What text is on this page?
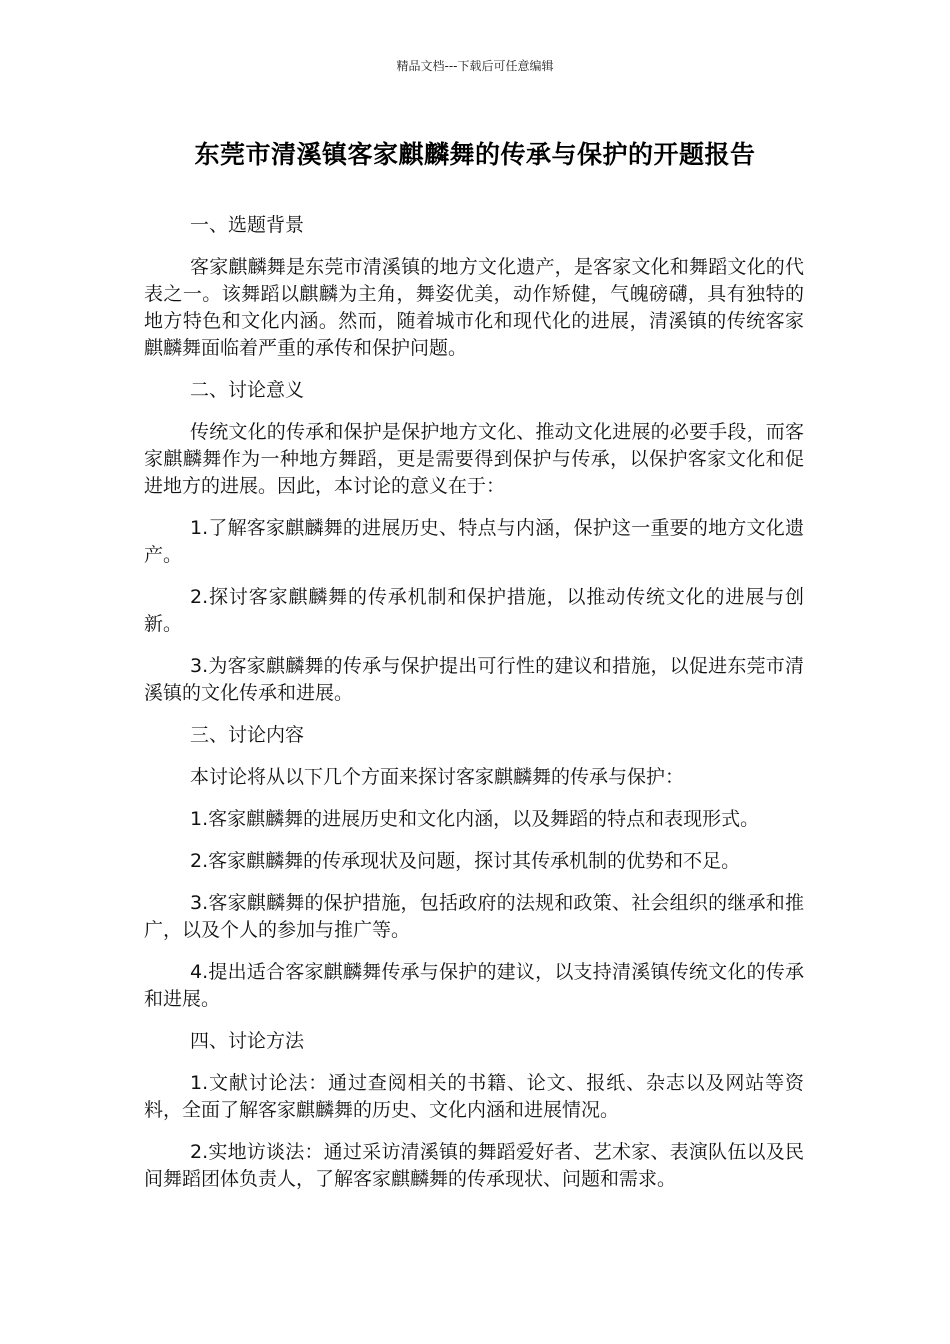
精品文档---下载后可任意编辑
东莞市清溪镇客家麒麟舞的传承与保护的开题报告
一、选题背景

客家麒麟舞是东莞市清溪镇的地方文化遗产，是客家文化和舞蹈文化的代表之一。该舞蹈以麒麟为主角，舞姿优美，动作矫健，气魄磅礴，具有独特的地方特色和文化内涵。然而，随着城市化和现代化的进展，清溪镇的传统客家麒麟舞面临着严重的承传和保护问题。

二、讨论意义

传统文化的传承和保护是保护地方文化、推动文化进展的必要手段，而客家麒麟舞作为一种地方舞蹈，更是需要得到保护与传承，以保护客家文化和促进地方的进展。因此，本讨论的意义在于：

1.了解客家麒麟舞的进展历史、特点与内涵，保护这一重要的地方文化遗产。

2.探讨客家麒麟舞的传承机制和保护措施，以推动传统文化的进展与创新。

3.为客家麒麟舞的传承与保护提出可行性的建议和措施，以促进东莞市清溪镇的文化传承和进展。

三、讨论内容

本讨论将从以下几个方面来探讨客家麒麟舞的传承与保护：

1.客家麒麟舞的进展历史和文化内涵，以及舞蹈的特点和表现形式。

2.客家麒麟舞的传承现状及问题，探讨其传承机制的优势和不足。

3.客家麒麟舞的保护措施，包括政府的法规和政策、社会组织的继承和推广，以及个人的参加与推广等。

4.提出适合客家麒麟舞传承与保护的建议，以支持清溪镇传统文化的传承和进展。

四、讨论方法

1.文献讨论法：通过查阅相关的书籍、论文、报纸、杂志以及网站等资料，全面了解客家麒麟舞的历史、文化内涵和进展情况。

2.实地访谈法：通过采访清溪镇的舞蹈爱好者、艺术家、表演队伍以及民间舞蹈团体负责人，了解客家麒麟舞的传承现状、问题和需求。
